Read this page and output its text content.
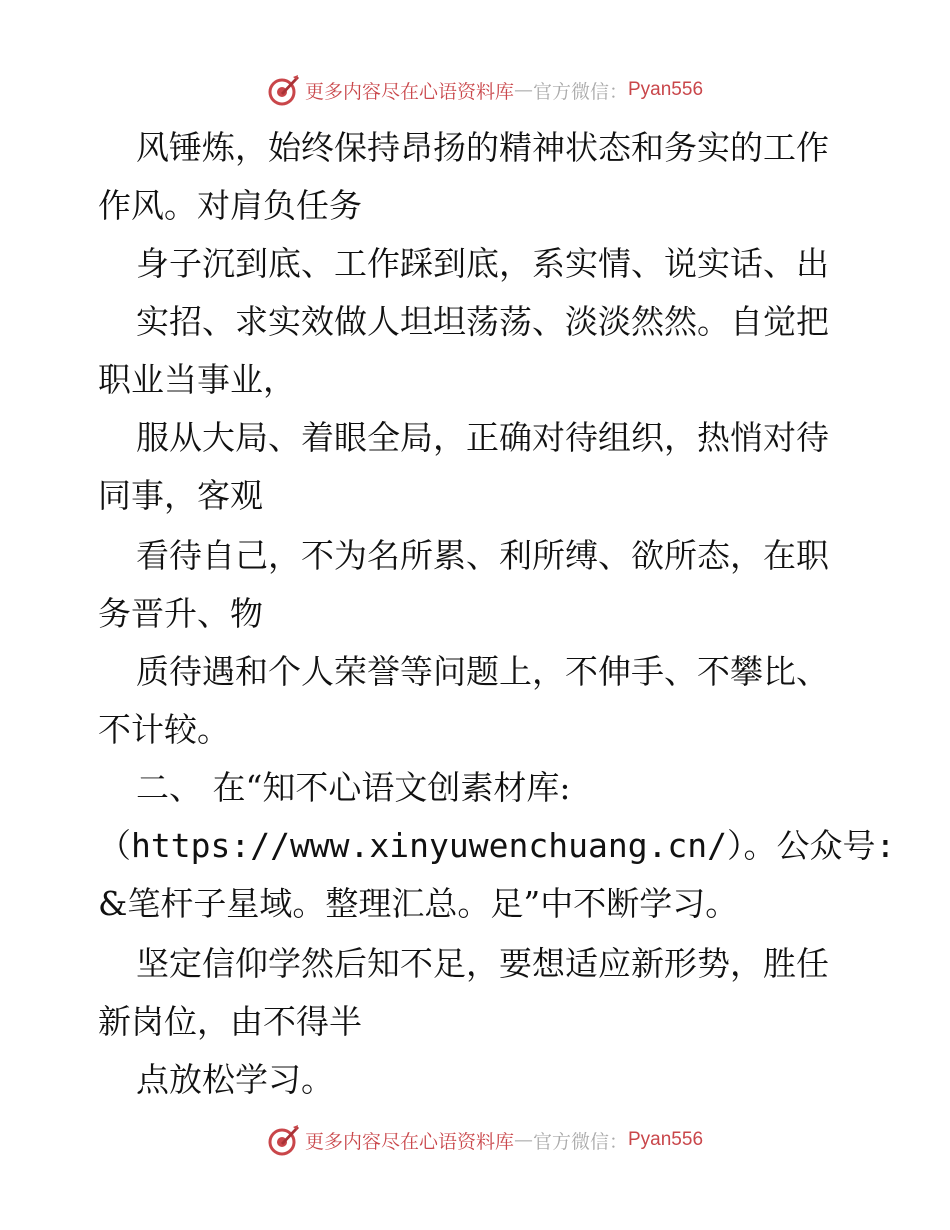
更多内容尽在心语资料库 — 官方微信： Pyan556
风锤炼，始终保持昂扬的精神状态和务实的工作
作风。对肩负任务
身子沉到底、工作踩到底，系实情、说实话、出
实招、求实效做人坦坦荡荡、淡淡然然。自觉把
职业当事业，
服从大局、着眼全局，正确对待组织，热悄对待
同事，客观
看待自己，不为名所累、利所缚、欲所态，在职
务晋升、物
质待遇和个人荣誉等问题上，不伸手、不攀比、
不计较。
二、 在“知不心语文创素材库:
（https://www.xinyuwenchuang.cn/）。公众号:
&笔杆子星域。整理汇总。足”中不断学习。
坚定信仰学然后知不足，要想适应新形势，胜任
新岗位，由不得半
点放松学习。
更多内容尽在心语资料库 — 官方微信： Pyan556
